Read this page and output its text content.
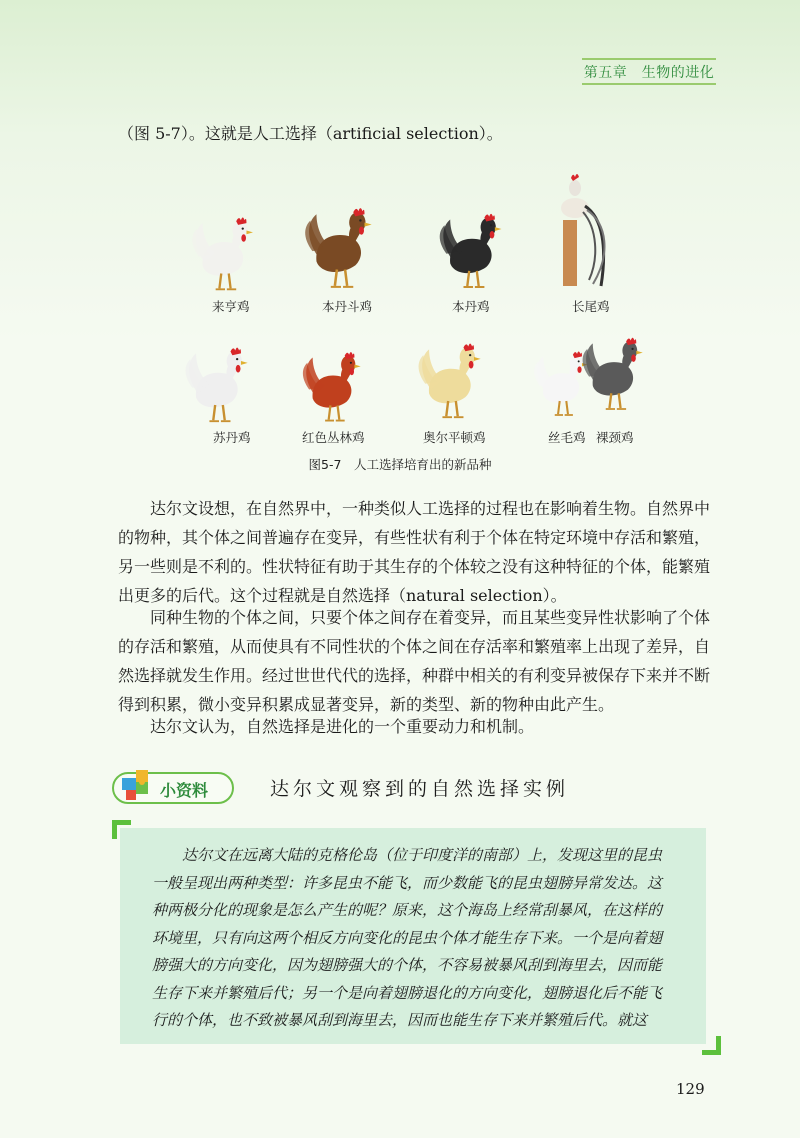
第五章　生物的进化

（图 5-7）。这就是人工选择（artificial selection）。

来亨鸡	本丹斗鸡	本丹鸡	长尾鸡
苏丹鸡	红色丛林鸡	奥尔平顿鸡	丝毛鸡 裸颈鸡
图5-7　人工选择培育出的新品种

达尔文设想，在自然界中，一种类似人工选择的过程也在影响着生物。自然界中的物种，其个体之间普遍存在变异，有些性状有利于个体在特定环境中存活和繁殖，另一些则是不利的。性状特征有助于其生存的个体较之没有这种特征的个体，能繁殖出更多的后代。这个过程就是自然选择（natural selection）。

同种生物的个体之间，只要个体之间存在着变异，而且某些变异性状影响了个体的存活和繁殖，从而使具有不同性状的个体之间在存活率和繁殖率上出现了差异，自然选择就发生作用。经过世世代代的选择，种群中相关的有利变异被保存下来并不断得到积累，微小变异积累成显著变异，新的类型、新的物种由此产生。

达尔文认为，自然选择是进化的一个重要动力和机制。

小资料	达尔文观察到的自然选择实例

达尔文在远离大陆的克格伦岛（位于印度洋的南部）上，发现这里的昆虫一般呈现出两种类型：许多昆虫不能飞，而少数能飞的昆虫翅膀异常发达。这种两极分化的现象是怎么产生的呢？原来，这个海岛上经常刮暴风，在这样的环境里，只有向这两个相反方向变化的昆虫个体才能生存下来。一个是向着翅膀强大的方向变化，因为翅膀强大的个体，不容易被暴风刮到海里去，因而能生存下来并繁殖后代；另一个是向着翅膀退化的方向变化，翅膀退化后不能飞行的个体，也不致被暴风刮到海里去，因而也能生存下来并繁殖后代。就这

129
